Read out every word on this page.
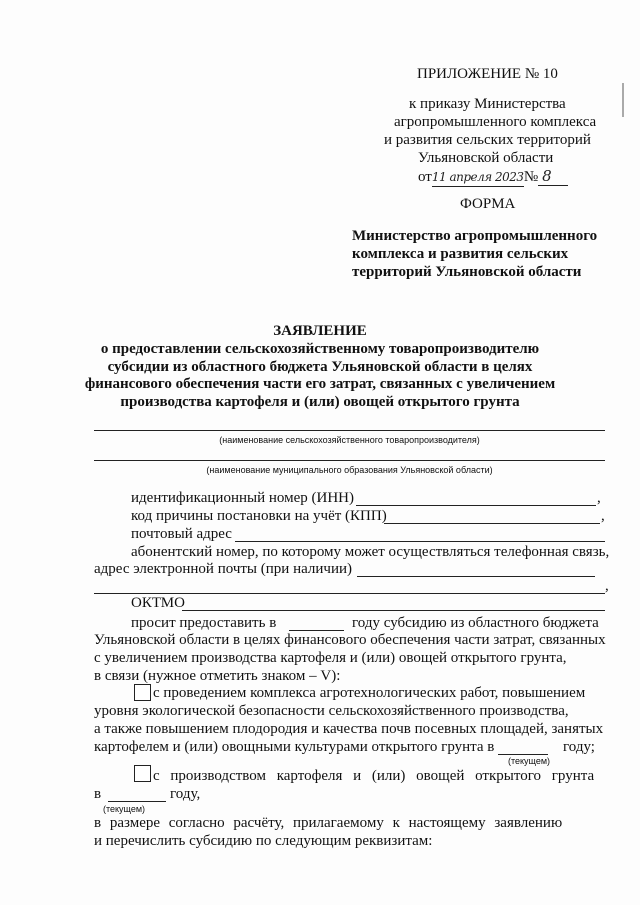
ПРИЛОЖЕНИЕ № 10
к приказу Министерства
агропромышленного комплекса
и развития сельских территорий
Ульяновской области
от11 апреля 2023№ 8
ФОРМА
Министерство агропромышленного
комплекса и развития сельских
территорий Ульяновской области
ЗАЯВЛЕНИЕ
о предоставлении сельскохозяйственному товаропроизводителю
субсидии из областного бюджета Ульяновской области в целях
финансового обеспечения части его затрат, связанных с увеличением
производства картофеля и (или) овощей открытого грунта
(наименование сельскохозяйственного товаропроизводителя)
(наименование муниципального образования Ульяновской области)
идентификационный номер (ИНН)	,
код причины постановки на учёт (КПП)	,
почтовый адрес
абонентский номер, по которому может осуществляться телефонная связь,
адрес электронной почты (при наличии)
,
ОКТМО
просит предоставить в	году субсидию из областного бюджета
Ульяновской области в целях финансового обеспечения части затрат, связанных
с увеличением производства картофеля и (или) овощей открытого грунта,
в связи (нужное отметить знаком – V):
с проведением комплекса агротехнологических работ, повышением
уровня экологической безопасности сельскохозяйственного производства,
а также повышением плодородия и качества почв посевных площадей, занятых
картофелем и (или) овощными культурами открытого грунта в	году;
(текущем)
с производством картофеля и (или) овощей открытого грунта
в	году,
(текущем)
в размере согласно расчёту, прилагаемому к настоящему заявлению
и перечислить субсидию по следующим реквизитам:
